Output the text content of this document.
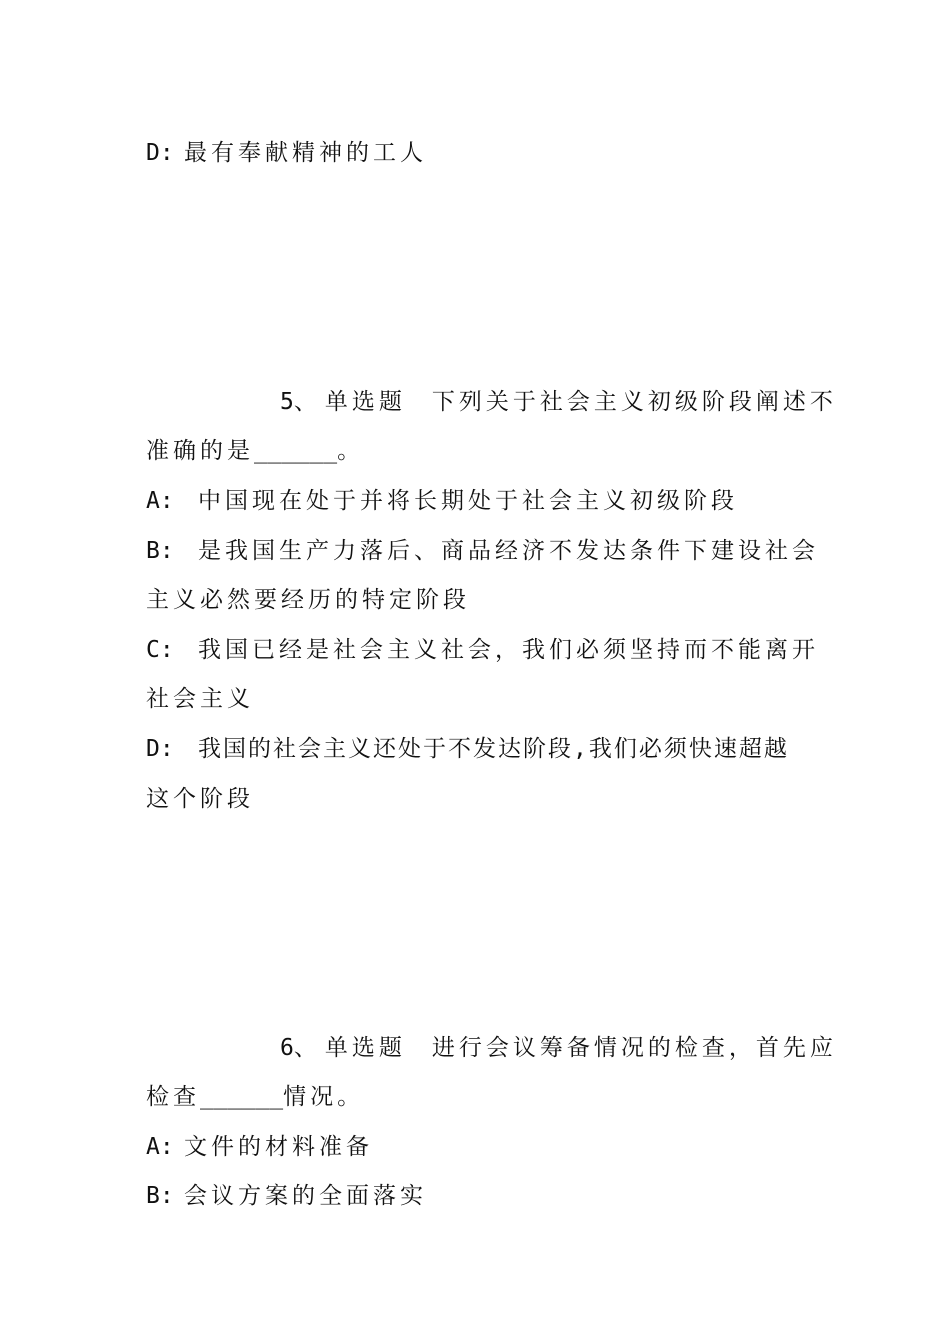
D: 最有奉献精神的工人
5、 单选题 下列关于社会主义初级阶段阐述不
准确的是______。
A: 中国现在处于并将长期处于社会主义初级阶段
B: 是我国生产力落后、商品经济不发达条件下建设社会
主义必然要经历的特定阶段
C: 我国已经是社会主义社会，我们必须坚持而不能离开
社会主义
D: 我国的社会主义还处于不发达阶段,我们必须快速超越
这个阶段
6、 单选题 进行会议筹备情况的检查，首先应
检查______情况。
A: 文件的材料准备
B: 会议方案的全面落实
